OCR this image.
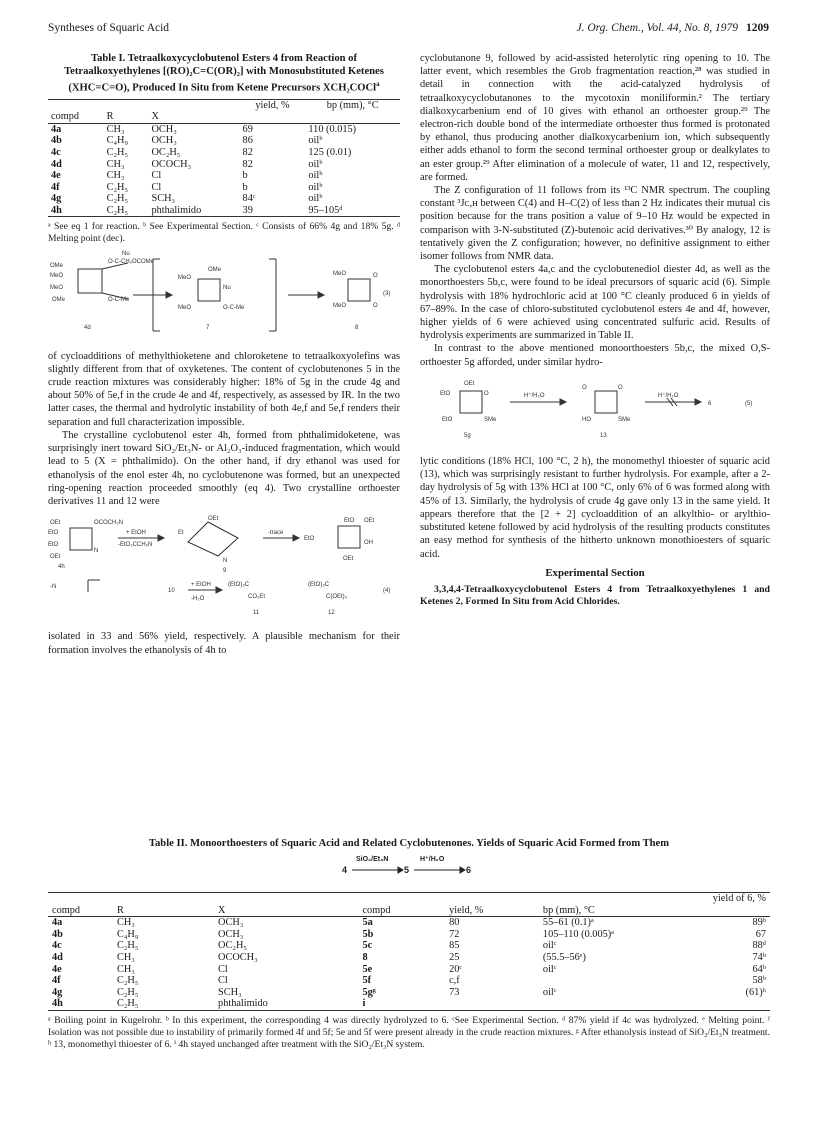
Syntheses of Squaric Acid	J. Org. Chem., Vol. 44, No. 8, 1979 1209
Table I. Tetraalkoxycyclobutenol Esters 4 from Reaction of Tetraalkoxyethylenes [(RO)₂C=C(OR)₂] with Monosubstituted Ketenes (XHC=C=O), Produced In Situ from Ketene Precursors XCH₂COCl$^a$
			yield, %	bp (mm), °C
compd	R	X		
4a	CH₃	OCH₃	69	110 (0.015)
4b	C₄H₉	OCH₃	86	oilᵇ
4c	C₂H₅	OC₂H₅	82	125 (0.01)
4d	CH₃	OCOCH₃	82	oilᵇ
4e	CH₃	Cl	b	oilᵇ
4f	C₂H₅	Cl	b	oilᵇ
4g	C₂H₅	SCH₃	84ᶜ	oilᵇ
4h	C₂H₅	phthalimido	39	95–105ᵈ
ᵃ See eq 1 for reaction. ᵇ See Experimental Section. ᶜ Consists of 66% 4g and 18% 5g. ᵈ Melting point (dec).
OMe
MeO
MeO
OMe
O-C-CH₂OCOMe
O-C-Me
Nu
MeO
MeO
Nu
O-C-Me
OMe
MeO
MeO
O
O
(3)
4d	7	8

of cycloadditions of methylthioketene and chloroketene to tetraalkoxyolefins was slightly different from that of oxyketenes. The content of cyclobutenones 5 in the crude reaction mixtures was considerably higher: 18% of 5g in the crude 4g and about 50% of 5e,f in the crude 4e and 4f, respectively, as assessed by IR. In the two latter cases, the thermal and hydrolytic instability of both 4e,f and 5e,f renders their separation and full characterization impossible.

The crystalline cyclobutenol ester 4h, formed from phthalimidoketene, was surprisingly inert toward SiO₂/Et₃N- or Al₂O₃-induced fragmentation, which would lead to 5 (X = phthalimido). On the other hand, if dry ethanol was used for ethanolysis of the enol ester 4h, no cyclobutenone was formed, but an unexpected ring-opening reaction proceeded smoothly (eq 4). Two crystalline orthoester derivatives 11 and 12 were

OEt	OCOCH₂N
EtO
EtO
OEt
N
+ EtOH
-EtO₂CCH₂N
Et
OEt
N
-trace
EtO
EtO OEt
OH
4h
9
OEt
-N
10
+ EtOH
-H₂O
(EtO)₃C
CO₂Et
(EtO)₃C
C(OEt)₃
(4)
11	12

isolated in 33 and 56% yield, respectively. A plausible mechanism for their formation involves the ethanolysis of 4h to

cyclobutanone 9, followed by acid-assisted heterolytic ring opening to 10. The latter event, which resembles the Grob fragmentation reaction,²⁸ was studied in detail in connection with the acid-catalyzed hydrolysis of tetraalkoxycyclobutanones to the mycotoxin moniliformin.² The tertiary dialkoxycarbenium end of 10 gives with ethanol an orthoester group.²⁹ The electron-rich double bond of the intermediate orthoester thus formed is protonated by ethanol, thus producing another dialkoxycarbenium ion, which subsequently either adds ethanol to form the second terminal orthoester group or dealkylates to an ester group.²⁹ After elimination of a molecule of water, 11 and 12, respectively, are formed.

The Z configuration of 11 follows from its ¹³C NMR spectrum. The coupling constant ³Jᴄ,ʜ between C(4) and H–C(2) of less than 2 Hz indicates their mutual cis position because for the trans position a value of 9–10 Hz would be expected in comparison with 3-N-substituted (Z)-butenoic acid derivatives.³⁰ By analogy, 12 is tentatively given the Z configuration; however, no definitive assignment to either isomer follows from NMR data.

The cyclobutenol esters 4a,c and the cyclobutenediol diester 4d, as well as the monorthoesters 5b,c, were found to be ideal precursors of squaric acid (6). Simple hydrolysis with 18% hydrochloric acid at 100 °C cleanly produced 6 in yields of 67–89%. In the case of chloro-substituted cyclobutenol esters 4e and 4f, however, higher yields of 6 were achieved using concentrated sulfuric acid. Results of hydrolysis experiments are summarized in Table II.

In contrast to the above mentioned monoorthoesters 5b,c, the mixed O,S-orthoester 5g afforded, under similar hydro-

OEt
EtO
EtO	SMe
O	H⁺/H₂O
O
SMe
HO
O
H⁺/H₂O
6	(5)
5g	13

lytic conditions (18% HCl, 100 °C, 2 h), the monomethyl thioester of squaric acid (13), which was surprisingly resistant to further hydrolysis. For example, after a 2-day hydrolysis of 5g with 13% HCl at 100 °C, only 6% of 6 was formed along with 45% of 13. Similarly, the hydrolysis of crude 4g gave only 13 in the same yield. It appears therefore that the [2 + 2] cycloaddition of an alkylthio- or arylthio-substituted ketene followed by acid hydrolysis of the resulting products constitutes an easy method for synthesis of the hitherto unknown monothioesters of squaric acid.

Experimental Section
3,3,4,4-Tetraalkoxycyclobutenol Esters 4 from Tetraalkoxyethylenes 1 and Ketenes 2, Formed In Situ from Acid Chlorides.
Table II. Monoorthoesters of Squaric Acid and Related Cyclobutenones. Yields of Squaric Acid Formed from Them
4	5	6
SiO₂/Et₃N	H⁺/H₂O
						yield of 6, %
compd	R	X	compd	yield, %	bp (mm), °C	
4a	CH₃	OCH₃	5a	80	55–61 (0.1)ᵃ	89ᵇ
4b	C₄H₉	OCH₃	5b	72	105–110 (0.005)ᵃ	67
4c	C₂H₅	OC₂H₅	5c	85	oilᶜ	88ᵈ
4d	CH₃	OCOCH₃	8	25	(55.5–56ᵉ)	74ᵇ
4e	CH₃	Cl	5e	20ᶜ	oilᶜ	64ᵇ
4f	C₂H₅	Cl	5f	c,f		58ᵇ
4g	C₂H₅	SCH₃	5gᵍ	73	oilᶜ	(61)ʰ
4h	C₂H₅	phthalimido	i			
ᵃ Boiling point in Kugelrohr. ᵇ In this experiment, the corresponding 4 was directly hydrolyzed to 6. ᶜSee Experimental Section. ᵈ 87% yield if 4c was hydrolyzed. ᵉ Melting point. ᶠ Isolation was not possible due to instability of primarily formed 4f and 5f; 5e and 5f were present already in the crude reaction mixtures. ᵍ After ethanolysis instead of SiO₂/Et₃N treatment. ʰ 13, monomethyl thioester of 6. ⁱ 4h stayed unchanged after treatment with the SiO₂/Et₃N system.
